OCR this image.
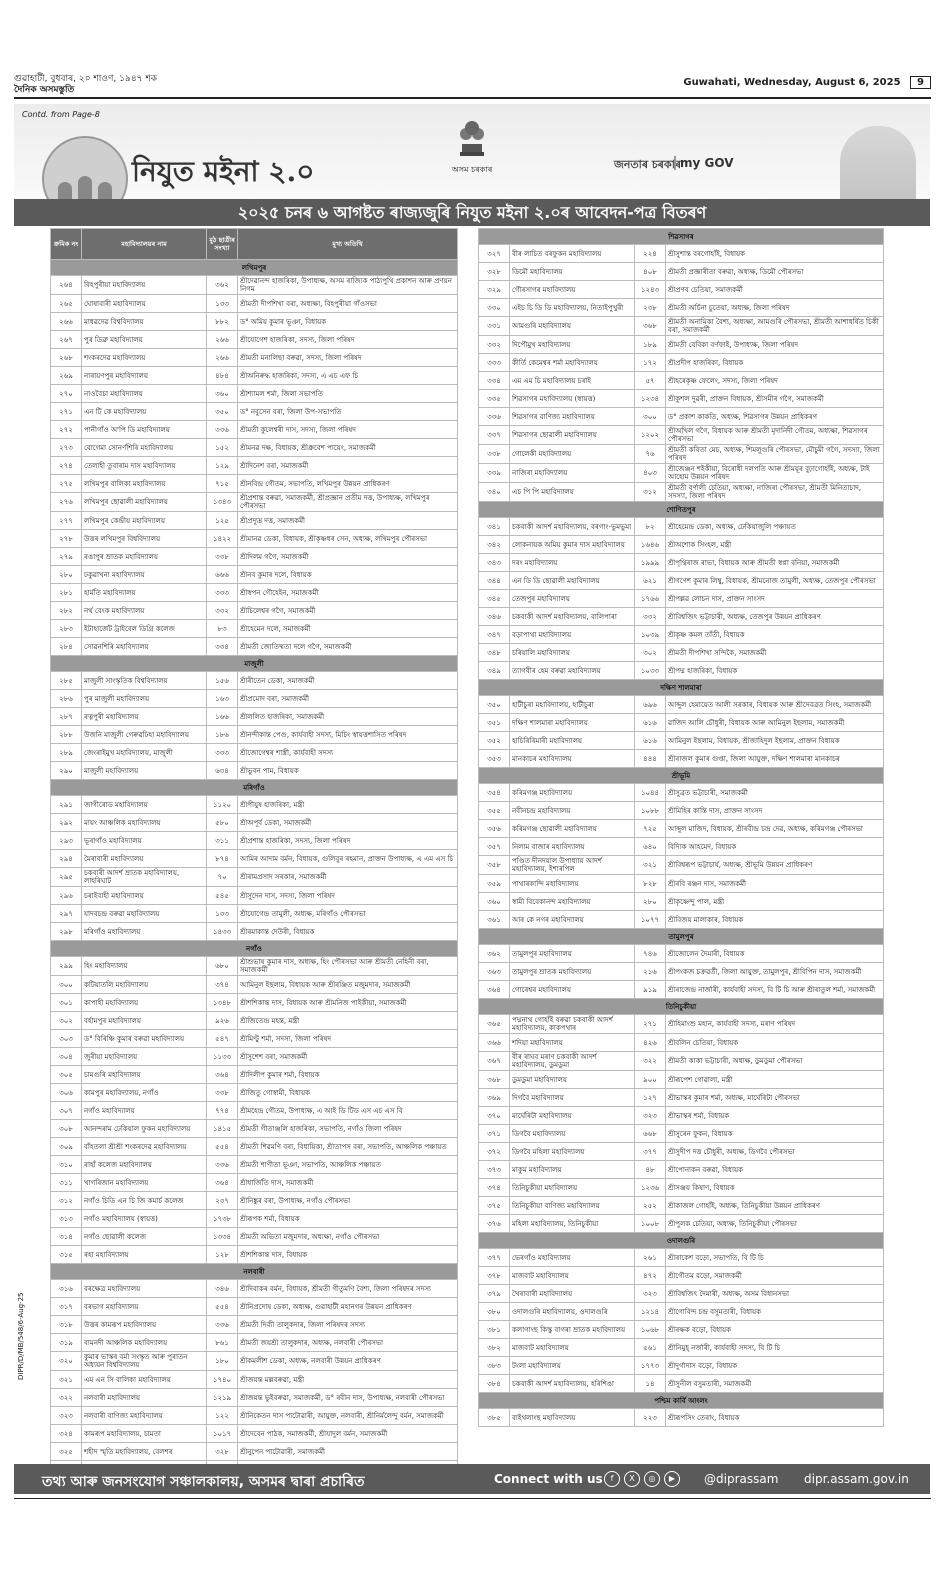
গুৱাহাটী, বুধবাৰ, ২০ শাওণ, ১৯৪৭ শক
দৈনিক অসমস্তুতি
Guwahati, Wednesday, August 6, 2025 9
নিযুত মইনা ২.০	অসম চৰকাৰ	জনতাৰ চৰকাৰ
my GOV
২০২৫ চনৰ ৬ আগষ্টত ৰাজ্যজুৰি নিযুত মইনা ২.০ৰ আবেদন-পত্ৰ বিতৰণ
Contd. from Page-8
ক্ৰমিক নং	মহাবিদ্যালয়ৰ নাম	মুঠ ছাত্ৰীৰ সংখ্যা	মুখ্য অতিথি
লখিমপুৰ			
২৬৪	বিহপুৰীয়া মহাবিদ্যালয়	৩৬২	শ্ৰীদেৱানন্দ হাজৰিকা, উপাধ্যক্ষ, অসম ৰাজ্যিক পাঠ্যপুথি প্ৰকাশন আৰু প্ৰণয়ন নিগম
২৬৫	ঘোষাবাৰী মহাবিদ্যালয়	১৩৩	শ্ৰীমতী দীপশিখা বৰা, অধ্যক্ষা, বিহপুৰীয়া গাঁওসভা
২৬৬	মাধৱদেৱ বিশ্ববিদ্যালয়	৮৮২	ড° অমিয় কুমাৰ ভূঞা, বিধায়ক
২৬৭	পুৰ ডিব্ৰু মহাবিদ্যালয়	২৬৬	শ্ৰীযোগেশ হাজৰিকা, সদস্য, জিলা পৰিষদ
২৬৮	শংকৰদেৱ মহাবিদ্যালয়	২৬৬	শ্ৰীমতী মনালিছা বৰুৱা, সদস্য, জিলা পৰিষদ
২৬৯	নাৰায়ণপুৰ মহাবিদ্যালয়	৪৮৪	শ্ৰীঅনিৰুদ্ধ হাজৰিকা, সদস্য, এ এচ এফ চি
২৭০	নাওবৈচা মহাবিদ্যালয়	৩৬০	শ্ৰীশ্যামল শৰ্মা, জিলা সভাপতি
২৭১	এন টি কে মহাবিদ্যালয়	৩৫০	ড° নবুসেন বৰা, জিলা উপ-সভাপতি
২৭২	পানীগাঁও অ'পি ডি মহাবিদ্যালয়	৩৩৬	শ্ৰীমতী কুলেশ্বৰী দাস, সদস্য, জিলা পৰিষদ
২৭৩	বোগেমা সোনৰ্ণশিৰি মহাবিদ্যালয়	১৫২	শ্ৰীমনৱ দক্ষ, বিধায়ক, শ্ৰীধ্ৰুবেশ পায়েং, সমাজকৰ্মী
২৭৪	তেলাহী তুবাৰাম দাস মহাবিদ্যালয়	১২৯	শ্ৰীদিনেশ বৰা, সমাজকৰ্মী
২৭৫	লখিমপুৰ বালিকা মহাবিদ্যালয়	৭১৫	শ্ৰীনবিন্দ্ৰ গৌতম, সভাপতি, লখিমপুৰ উন্নয়ন প্ৰাধিকৰণ
২৭৬	লখিমপুৰ ছোৱালী মহাবিদ্যালয়	১৩৪৩	শ্ৰীপ্ৰশান্ত বৰুৱা, সমাজকৰ্মী, শ্ৰীপ্ৰজ্ঞান প্ৰতীম দত্ত, উপাধ্যক্ষ, লখিমপুৰ পৌৰসভা
২৭৭	লখিমপুৰ কেন্দ্ৰীয় মহাবিদ্যালয়	১২৫	শ্ৰীপ্ৰদ্যুম্ন দত্ত, সমাজকৰ্মী
২৭৮	উত্তৰ লখিমপুৰ বিশ্ববিদ্যালয়	১৪২২	শ্ৰীমানৱ ডেকা, বিধায়ক, শ্ৰীকৃষ্ণধৰ সেন, অধ্যক্ষ, লখিমপুৰ পৌৰসভা
২৭৯	ৰঙাপুৰ ম্ৰাতক মহাবিদ্যালয়	৩৩৮	শ্ৰীদিলম গগৈ, সমাজকৰ্মী
২৮০	ঢকুৱাখনা মহাবিদ্যালয়	৬৬৬	শ্ৰীনব কুমাৰ দলে, বিধায়ক
২৮১	হাৰ্মতি মহাবিদ্যালয়	৩৩৩	শ্ৰীস্বপন গৌহেইন, সমাজকৰ্মী
২৮২	নৰ্থ বেংক মহাবিদ্যালয়	৩৩২	শ্ৰীচিলেশ্বৰ গগৈ, সমাজকৰ্মী
২৮৩	ইটাহাৰ্জেট ট্ৰাইবেল ডিগ্ৰি কলেজ	৮৩	শ্ৰীহেমেন দলে, সমাজকৰ্মী
২৮৪	সোৱনশিৰি মহাবিদ্যালয়	৩৩৪	শ্ৰীমতী জোতিষ্মতা দলে গগৈ, সমাজকৰ্মী
মাজুলী			
২৮৫	মাজুলী সাংস্কৃতিক বিশ্ববিদ্যালয়	১৫৬	শ্ৰীৰীতেন ডেকা, সমাজকৰ্মী
২৮৬	পুৰ মাজুলী মহাবিদ্যালয়	১৬৩	শ্ৰীপ্ৰমোদ বৰা, সমাজকৰ্মী
২৮৭	ৰত্নপুৰী মহাবিদ্যালয়	১৬৬	শ্ৰীললিত হাজৰিকা, সমাজকৰ্মী
২৮৮	উজনি মাজুলী গেৰুৱঢিহা মহাবিদ্যালয়	১৮৬	শ্ৰীনন্দীকান্ত পেগু, কাৰ্যবাহী সদস্য, মিচিং স্বায়ত্তশাসিত পৰিষদ
২৮৯	জেংৰাইমুখ মহাবিদ্যালয়, মাজুলী	৩৩৩	শ্ৰীজোগেশ্বৰ শাস্ত্ৰী, কাৰ্যবাহী সদস্য
২৯০	মাজুলী মহাবিদ্যালয়	৬৩৪	শ্ৰীভুবন পাম, বিধায়ক
মৰিগাঁও			
২৯১	জাগীৰোড মহাবিদ্যালয়	১১২০	শ্ৰীপীযুষ হাজৰিকা, মন্ত্ৰী
২৯২	মায়ং আঞ্চলিক মহাবিদ্যালয়	৫৮০	শ্ৰীঅপূৰ্ব ডেকা, সমাজকৰ্মী
২৯৩	ভূৰাগাঁও মহাবিদ্যালয়	৩১১	শ্ৰীপ্ৰশান্ত হাজৰিকা, সদস্য, জিলা পৰিষদ
২৯৪	মৈৰাবাৰী মহাবিদ্যালয়	৮৭৪	আমিৰ আদাম বৰ্মন, বিধায়ক, গুলিবুৰ ৰহমান, প্ৰাক্তন উপাধ্যক্ষ, এ এম এস চি
২৯৫	চকবাৰী আদৰ্শ ম্ৰাতক মহাবিদ্যালয়, লাহৰিঘাট	৭০	শ্ৰীৰামপ্ৰসাদ সৰকাৰ, সমাজকৰ্মী
২৯৬	চৰাইবাহী মহাবিদ্যালয়	৫৪৫	শ্ৰীসুদেন দাস, সদস্য, জিলা পৰিষদ
২৯৭	যাদবচন্দ্ৰ বৰুৱা মহাবিদ্যালয়	১৩৩	শ্ৰীযোগেন্দ্ৰ তামুলী, অধ্যক্ষ, মৰিগাঁও পৌৰসভা
২৯৮	মৰিগাঁও মহাবিদ্যালয়	১৪৩৩	শ্ৰীৰমাকান্ত দেউৰী, বিধায়ক
নগাঁও			
২৯৯	হিং মহাবিদ্যালয়	৬৮০	শ্ৰীশুভাষ কুমাৰ দাস, অধ্যক্ষ, হিং পৌৰসভা আৰু শ্ৰীমতী নেহিনী বৰা, সমাজকৰ্মী
৩০০	কটিয়াতলি মহাবিদ্যালয়	৩৭৪	আমিনুল ইছলাম, বিধায়ক আৰু শ্ৰীৰঞ্জিত মজুমদাৰ, সমাজকৰ্মী
৩০১	কাপাহী মহাবিদ্যালয়	১৩৪৮	শ্ৰীশশিকান্ত দাস, বিধায়ক আৰু শ্ৰীমনিজ পাইকীয়া, সমাজকৰ্মী
৩০২	বৰ্হামপুৰ মহাবিদ্যালয়	৯২৬	শ্ৰীজিতেন্দ্ৰ মহন্ত, মন্ত্ৰী
৩০৩	ড° বিৰিঞ্চি কুমাৰ বৰুৱা মহাবিদ্যালয়	৫৪৭	শ্ৰীমিণ্টু শৰ্মা, সদস্য, জিলা পৰিষদ
৩০৪	জুৰীয়া মহাবিদ্যালয়	১১৩৩	শ্ৰীসুশেশ বৰা, সমাজকৰ্মী
৩০৫	চামগুৰি মহাবিদ্যালয়	৩৬৪	শ্ৰীদিলীপ কুমাৰ শৰ্মা, বিধায়ক
৩০৬	কামপুৰ মহাবিদ্যালয়, নগাঁও	৩৩৮	শ্ৰীজিতু গোস্বামী, বিধায়ক
৩০৭	নগাঁও মহাবিদ্যালয়	৭৭৪	শ্ৰীমহেন্দ্ৰ গৌতম, উপাধ্যক্ষ, এ আই ডি টিড এস এচ এস বি
৩০৮	আনন্দৰাম ঢেকিয়াল ফুকন মহাবিদ্যালয়	১৪১৫	শ্ৰীমতী গীতাঞ্জলি হাজৰিকা, সভাপতি, নগাঁও জিলা পৰিষদ
৩০৯	বাঁহতলা শ্ৰীশ্ৰী শংকৰদেৱ মহাবিদ্যালয়	৫৫৪	শ্ৰীমতী শিৱমণি বৰা, বিধায়িকা, শ্ৰীতাপস বৰা, সভাপতি, আঞ্চলিক পঞ্চায়ত
৩১০	ৰাহাঁ কলেজ মহাবিদ্যালয়	৩৩৬	শ্ৰীমতী শাণীতা ভূঞা, সভাপতি, আঞ্চলিক পঞ্চায়ত
৩১১	খাগৰিজান মহাবিদ্যালয়	৩৬৪	শ্ৰীধাৰ্জিতি দাস, সমাজকৰ্মী
৩১২	নগাঁও চিডি এন চি জি কমাৰ্চ কলেজ	২৩৭	শ্ৰীনিঙ্কুৰ বৰা, উপাধ্যক্ষ, নগাঁও পৌৰসভা
৩১৩	নগাঁও মহাবিদ্যালয় (স্বায়ত্ত)	১৭৩৮	শ্ৰীৰূপক শৰ্মা, বিধায়ক
৩১৪	নগাঁও ছোৱালী কলেজ	১৩৩৪	শ্ৰীমতী অভিতা মজুমদাৰ, অধ্যক্ষা, নগাঁও পৌৰসভা
৩১৫	ৰহা মহাবিদ্যালয়	১২৮	শ্ৰীশশিকান্ত দাস, বিধায়ক
নলবাৰী			
৩১৬	বৰক্ষেত্ৰ মহাবিদ্যালয়	৩৪৬	শ্ৰীদিবাকৰ বৰ্মন, বিধায়ক, শ্ৰীমতী গীতুমণি বৈশ্য, জিলা পৰিষদৰ সদস্য
৩১৭	বৰভাগ মহাবিদ্যালয়	৫৫৪	শ্ৰীনিপ্ৰদোষ ডেকা, অধ্যক্ষ, গুৱাহাটী মহানগৰ উন্নয়ন প্ৰাধিকৰণ
৩১৮	উত্তৰ কামৰূপ মহাবিদ্যালয়	৩৩৬	শ্ৰীমতী দিব্যী তালুকদাৰ, জিলা পৰিষদৰ সদস্য
৩১৯	বামনদী আঞ্চলিক মহাবিদ্যালয়	৮৬১	শ্ৰীমতী জয়শ্ৰী তালুকদাৰ, অধ্যক্ষ, নলবাৰী পৌৰসভা
৩২০	কুমাৰ ভাস্কৰ বৰ্মা সংস্কৃত আৰু পুৰাতন অধ্যয়ন বিশ্ববিদ্যালয়	১৮০	শ্ৰীকমলীশ ডেকা, অধ্যক্ষ, নলবাৰী উন্নয়ন প্ৰাধিকৰণ
৩২১	এম এন সি বালিকা মহাবিদ্যালয়	১৭৪০	শ্ৰীজয়ন্ত মল্লবৰুৱা, মন্ত্ৰী
৩২২	নলবাৰী মহাবিদ্যালয়	১২১৯	শ্ৰীজয়ন্ত ভুইবৰুৱা, সমাজকৰ্মী, ড° ৰবীন দাস, উপাধ্যক্ষ, নলবাৰী পৌৰসভা
৩২৩	নলবাৰী বাণিজ্য মহাবিদ্যালয়	১২২	শ্ৰীনিকেতন দাস পাটোৱাৰী, আয়ুক্ত, নলবাৰী, শ্ৰীনিৰ্মলেন্দু বৰ্মন, সমাজকৰ্মী
৩২৪	কামৰূপ মহাবিদ্যালয়, চামতা	১০১৭	শ্ৰীদেবেন পাঠক, সমাজকৰ্মী, শ্ৰীযাদুল বৰ্মন, সমাজকৰ্মী
৩২৫	শহীদ স্মৃতি মহাবিদ্যালয়, বেলশৰ	৩২৮	শ্ৰীনুপেন পাটোৱাৰী, সমাজকৰ্মী

শিৱসাগৰ			
৩২৭	বীৰ লাচিত বৰফুকন মহাবিদ্যালয়	২২৪	শ্ৰীসুশান্ত বৰগোহাঁই, বিধায়ক
৩২৮	ডিমৌ মহাবিদ্যালয়	৪০৮	শ্ৰীমতী প্ৰজ্ঞাৰীতা বৰুৱা, অধ্যক্ষ, ডিমৌ পৌৰসভা
৩২৯	গৌৰসাগৰ মহাবিদ্যালয়	১২৪৩	শ্ৰীপ্ৰণব চেতিয়া, সমাজকৰ্মী
৩৩০	এইচ চি ডি ডি মহাবিদ্যালয়, নিতাইপুখুৰী	২৩৮	শ্ৰীমতী অৰ্চিনা চুতেয়া, অধ্যক্ষ, জিলা পৰিষদ
৩৩১	আমগুৰি মহাবিদ্যালয়	৩৬৮	শ্ৰীমতী অনামিকা বৈশ্য, অধ্যক্ষা, আমগুৰি পৌৰসভা, শ্ৰীমতী আশাধৰ্ষিত চিকী বৰা, সমাজকৰ্মী
৩৩২	দিপৌমুখ মহাবিদ্যালয়	১৮৯	শ্ৰীমতী বেবিকা বৰ্ণফাই, উপাধ্যক্ষ, জিলা পৰিষদ
৩৩৩	কীৰ্তি কেমেশ্বৰ শৰ্মা মহাবিদ্যালয়	১৭২	শ্ৰীপ্ৰদীপ হাজৰিকা, বিধায়ক
৩৩৪	এম এম চি মহাবিদ্যালয় চৰাই	৫৭	শ্ৰীহৰেকৃষ্ণ ফেলেং, সদস্য, জিলা পৰিষদ
৩৩৫	শিৱসাগৰ মহাবিদ্যালয় (স্বায়ত্ত)	১২৩৪	শ্ৰীকুশল দুৱৰী, প্ৰাক্তন বিধায়ক, শ্ৰীসমীৰ গগৈ, সমাজকৰ্মী
৩৩৬	শিৱসাগৰ বাণিজ্য মহাবিদ্যালয়	৩০০	ড° প্ৰকাশ কাকতি, অধ্যক্ষ, শিৱসাগৰ উন্নয়ন প্ৰাধিকৰণ
৩৩৭	শিৱসাগৰ ছোৱালী মহাবিদ্যালয়	১২০২	শ্ৰীঅখিল গগৈ, বিধায়ক আৰু শ্ৰীমতী মৃদানিদী গৌতম, অধ্যক্ষা, শিৱসাগৰ পৌৰসভা
৩৩৮	গোলেকী মহাবিদ্যালয়	৭৬	শ্ৰীমতী কবিতা মেচ, অধ্যক্ষ, শিমলুগুৰি পৌৰসভা, মৌচুমী গগৈ, সদস্যা, জিলা পৰিষদ
৩৩৯	নাজিৰা মহাবিদ্যালয়	৪০৩	শ্ৰীজেঞ্জন শইকীয়া, বিৰোধী দলপতি আৰু শ্ৰীময়ূৰ বুঢ়াগোহাঁই, অধ্যক্ষ, টাই আহোম উন্নয়ন পৰিষদ
৩৪০	এচ পি পি মহাবিদ্যালয়	৩১২	শ্ৰীমতী বৰ্ণালী চেতিয়া, অধ্যক্ষা, নাজিৰা পৌৰসভা, শ্ৰীমতী মিনিতাচাদ, সদস্যা, জিলা পৰিষদ
শোণিতপুৰ			
৩৪১	চকবাকী আদৰ্শ মহাবিদ্যালয়, বৰগাং-ভুমভুমা	৮২	শ্ৰীহেমেন্দ্ৰ ডেকা, অধ্যক্ষ, ঢেকিয়াজুলি পঞ্চায়ত
৩৪২	লোকনায়ক অমিয় কুমাৰ দাস মহাবিদ্যালয়	১৬৪৬	শ্ৰীঅশোক সিংহল, মন্ত্ৰী
৩৪৩	দৰং মহাবিদ্যালয়	১৯৯৯	শ্ৰীপৃথ্বিৰাজ ৰাভা, বিধায়ক আৰু শ্ৰীমতী স্বপ্না বনিয়া, সমাজকৰ্মী
৩৪৪	এন ডি ডি ছোৱালী মহাবিদ্যালয়	৬২১	শ্ৰীগণেশ কুমাৰ লিম্বু, বিধায়ক, শ্ৰীমনোজ তামুলী, অধ্যক্ষ, তেজপুৰ পৌৰসভা
৩৪৫	তেজপুৰ মহাবিদ্যালয়	১৭৬৬	শ্ৰীপল্লৱ লোচন দাস, প্ৰাক্তন সাংসদ
৩৪৬	চকবাকী আদৰ্শ মহাবিদ্যালয়, বালিপাৰা	৩৩২	শ্ৰীবিশ্বজিৎ ভট্টাচাৰী, অধ্যক্ষ, তেজপুৰ উন্নয়ন প্ৰাধিকৰণ
৩৪৭	বড়াপাথা মহাবিদ্যালয়	১০৩৯	শ্ৰীকৃষ্ণ কমল তাঁতী, বিধায়ক
৩৪৮	চৰিয়ালি মহাবিদ্যালয়	৩০২	শ্ৰীমতী দীপশিখা সন্দিকৈ, সমাজকৰ্মী
৩৪৯	ত্যাগবীৰ হেম বৰুৱা মহাবিদ্যালয়	১০৩৩	শ্ৰীপদ্ম হাজৰিকা, বিধায়ক
দক্ষিণ শালমাৰা			
৩৫০	হাটীচুৰা মহাবিদ্যালয়, হাটীচুৰা	৬৯৬	আব্দুল হেমায়েত আলী সৰকাৰ, বিধায়ক আৰু শ্ৰীদেবব্ৰত সিংহ, সমাজকৰ্মী
৩৫১	দক্ষিণ শালমাৰা মহাবিদ্যালয়	৬১৬	ৱাজিদ আলি চৌধুৰী, বিধায়ক আৰু আমিনুল ইছলাম, সমাজকৰ্মী
৩৫২	হাচিৰিৰিমাৰী মহাবিদ্যালয়	৬১৬	আমিনুল ইছলাম, বিধায়ক, শ্ৰীজাহিদুল ইছলাম, প্ৰাক্তন বিধায়ক
৩৫৩	মানকাচৰ মহাবিদ্যালয়	৪৪৪	শ্ৰীৰাজল কুমাৰ গুপ্তা, জিলা আয়ুক্ত, দক্ষিণ শালমাৰা মানকাচৰ
শ্ৰীভূমি			
৩৫৪	কৰিমগঞ্জ মহাবিদ্যালয়	১০৪৪	শ্ৰীসুব্ৰত ভট্টাচাৰী, সমাজকৰ্মী
৩৫৫	নবীনচন্দ্ৰ মহাবিদ্যালয়	১০৮৮	শ্ৰীমিহিৰ কান্তি দাস, প্ৰাক্তন সাংসদ
৩৫৬	কৰিমগঞ্জ ছোৱালী মহাবিদ্যালয়	৭২৫	আব্দুল মাজিদ, বিধায়ক, শ্ৰীৰবীন্দ্ৰ চন্দ্ৰ দেৱ, অধ্যক্ষ, কৰিমগঞ্জ পৌৰসভা
৩৫৭	নিলাম বাজাৰ মহাবিদ্যালয়	৬৪০	বিদ্যিক আহমেদ, বিধায়ক
৩৫৮	পণ্ডিত দীনদয়াল উপাধ্যায় আদৰ্শ মহাবিদ্যালয়, ইশাৰপিল	৩২১	শ্ৰীবিশ্বৰূপ ভট্টাচাৰ্য, অধ্যক্ষ, শ্ৰীভূমি উন্নয়ন প্ৰাধিকৰণ
৩৫৯	পাথাৰকান্দি মহাবিদ্যালয়	৮২৮	শ্ৰীৰবি ৰঞ্জন দাস, সমাজকৰ্মী
৩৬০	স্বামী বিবেকানন্দ মহাবিদ্যালয়	২৮০	শ্ৰীকৃষ্ণেন্দু পাল, মন্ত্ৰী
৩৬১	আৰ কে নগৰ মহাবিদ্যালয়	১০৭৭	শ্ৰীবিজয় মালাকাৰ, বিধায়ক
তামুলপুৰ			
৩৬২	তামুলপুৰ মহাবিদ্যালয়	৭৪৬	শ্ৰীজোলেন দৈমাৰী, বিধায়ক
৩৬৩	তামুলপুৰ ম্ৰাতক মহাবিদ্যালয়	২১৬	শ্ৰীপংকজ চক্ৰৱৰ্তী, জিলা আয়ুক্ত, তামুলপুৰ, শ্ৰীবিপিন দাস, সমাজকৰ্মী
৩৬৪	গোৰেশ্বৰ মহাবিদ্যালয়	৯১৯	শ্ৰীৰাজেন্দ্ৰ নাৰ্জাৰী, কাৰ্যবাহী সদস্য, বি টি চি আৰু শ্ৰীৰাতুল শৰ্মা, সমাজকৰ্মী
তিনিচুকীয়া			
৩৬৫	পদ্মনাথ গোহাঁই বৰুৱা চকবাকী আদৰ্শ মহাবিদ্যালয়, কাকপথাৰ	২৭১	শ্ৰীহিমাংশু মহান, কাৰ্যবাহী সদস্য, মৰাণ পৰিষদ
৩৬৬	শদিয়া মহাবিদ্যালয়	৪২৬	শ্ৰীবলিন চেতিয়া, বিধায়ক
৩৬৭	বীৰ ৰাঘব মৰাণ চকবাকী আদৰ্শ মহাবিদ্যালয়, ডুমডুমা	৩২২	শ্ৰীমতী কাকা ভট্টাচাৰী, অধ্যক্ষ, ডুমডুমা পৌৰসভা
৩৬৮	ডুমডুমা মহাবিদ্যালয়	৯০০	শ্ৰীৰূপেশ গোৱালা, মন্ত্ৰী
৩৬৯	দিগবৈ মহাবিদ্যালয়	১২৭	শ্ৰীভাস্কৰ কুমাৰ শৰ্মা, অধ্যক্ষ, মাৰ্ঘেৰিটা পৌৰসভা
৩৭০	মাৰ্ঘেৰিটা মহাবিদ্যালয়	৩২৩	শ্ৰীভাস্কৰ শৰ্মা, বিধায়ক
৩৭১	ডিগবৈ মহাবিদ্যালয়	৬৬৮	শ্ৰীসুৰেন ফুকন, বিধায়ক
৩৭২	ডিগবৈ মহিলা মহাবিদ্যালয়	৩৭৭	শ্ৰীসুদীপ দত্ত চৌধুৰী, অধ্যক্ষ, ডিগবৈ পৌৰসভা
৩৭৩	মাকুম মহাবিদ্যালয়	৪৮	শ্ৰীপোনাকন বৰুৱা, বিধায়ক
৩৭৪	তিনিচুকীয়া মহাবিদ্যালয়	১২৩৬	শ্ৰীসঞ্জয় কিষাণ, বিধায়ক
৩৭৫	তিনিচুকীয়া বাণিজ্য মহাবিদ্যালয়	২৫২	শ্ৰীকাজল গোহাঁই, অধ্যক্ষ, তিনিচুকীয়া উন্নয়ন প্ৰাধিকৰণ
৩৭৬	মহিলা মহাবিদ্যালয়, তিনিচুকীয়া	১০০৮	শ্ৰীপুলক চেতিয়া, অধ্যক্ষ, তিনিচুকীয়া পৌৰসভা
ওদালগুৰি			
৩৭৭	ভেৰগাঁও মহাবিদ্যালয়	২৬১	শ্ৰীৰাকেশ বড়ো, সভাপতি, বি টি চি
৩৭৮	মাজবাট মহাবিদ্যালয়	৪৭২	শ্ৰীগৌতম বড়ো, সমাজকৰ্মী
৩৭৯	খৈৰাবাৰী মহাবিদ্যালয়	৩২৩	শ্ৰীবিশ্বজিৎ দৈমাৰী, অধ্যক্ষ, অসম বিধানসভা
৩৮০	ওদালগুৰি মহাবিদ্যালয়, ওদালগুৰি	১২১৪	শ্ৰীগোবিন্দ চন্দ্ৰ বসুমতাৰী, বিধায়ক
৩৮১	কলাগাংছ কিস্কু বাগৰা ম্ৰাতক মহাবিদ্যালয়	১০৬৮	শ্ৰীৰক্ষক বড়ো, বিধায়ক
৩৮২	মাজবাট মহাবিদ্যালয়	৫৬১	শ্ৰীনিমুহ্ নৰ্জাৰী, কাৰ্যবাহী সদস্য, বি টি চি
৩৮৩	টংলা মহাবিদ্যালয়	১৭৭৩	শ্ৰীদুৰ্গাদাস বড়ো, বিধায়ক
৩৮৪	চকবাকী আদৰ্শ মহাবিদ্যালয়, হৰিশিঙা	১৪	শ্ৰীসুনীল বসুমতাৰী, সমাজকৰ্মী
পশ্চিম কাৰ্বি আংলং			
৩৮৫	বাইথলাংছ মহাবিদ্যালয়	২২৩	শ্ৰীৰূপসিং তেৰাং, বিধায়ক
DIPR/D/MB/548/6-Aug-25
তথ্য আৰু জনসংযোগ সঞ্চালকালয়, অসমৰ দ্বাৰা প্ৰচাৰিত	Connect with us f X ◎ ▶	@diprassam dipr.assam.gov.in
